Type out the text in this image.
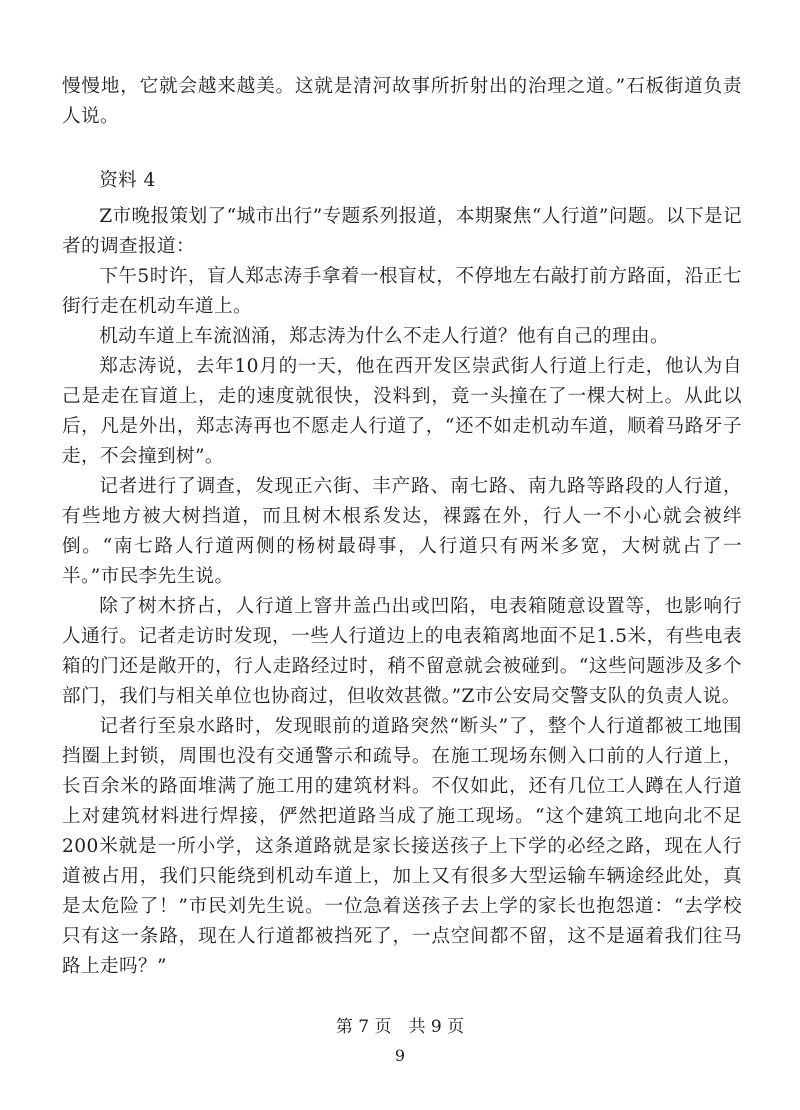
慢慢地，它就会越来越美。这就是清河故事所折射出的治理之道。”石板街道负责人说。

资料 4

Z市晚报策划了“城市出行”专题系列报道，本期聚焦“人行道”问题。以下是记者的调查报道：

下午5时许，盲人郑志涛手拿着一根盲杖，不停地左右敲打前方路面，沿正七街行走在机动车道上。

机动车道上车流汹涌，郑志涛为什么不走人行道？他有自己的理由。

郑志涛说，去年10月的一天，他在西开发区崇武街人行道上行走，他认为自己是走在盲道上，走的速度就很快，没料到，竟一头撞在了一棵大树上。从此以后，凡是外出，郑志涛再也不愿走人行道了，“还不如走机动车道，顺着马路牙子走，不会撞到树”。

记者进行了调查，发现正六街、丰产路、南七路、南九路等路段的人行道，有些地方被大树挡道，而且树木根系发达，裸露在外，行人一不小心就会被绊倒。“南七路人行道两侧的杨树最碍事，人行道只有两米多宽，大树就占了一半。”市民李先生说。

除了树木挤占，人行道上窨井盖凸出或凹陷，电表箱随意设置等，也影响行人通行。记者走访时发现，一些人行道边上的电表箱离地面不足1.5米，有些电表箱的门还是敞开的，行人走路经过时，稍不留意就会被碰到。“这些问题涉及多个部门，我们与相关单位也协商过，但收效甚微。”Z市公安局交警支队的负责人说。

记者行至泉水路时，发现眼前的道路突然“断头”了，整个人行道都被工地围挡圈上封锁，周围也没有交通警示和疏导。在施工现场东侧入口前的人行道上，长百余米的路面堆满了施工用的建筑材料。不仅如此，还有几位工人蹲在人行道上对建筑材料进行焊接，俨然把道路当成了施工现场。“这个建筑工地向北不足200米就是一所小学，这条道路就是家长接送孩子上下学的必经之路，现在人行道被占用，我们只能绕到机动车道上，加上又有很多大型运输车辆途经此处，真是太危险了！”市民刘先生说。一位急着送孩子去上学的家长也抱怨道：“去学校只有这一条路，现在人行道都被挡死了，一点空间都不留，这不是逼着我们往马路上走吗？”

第 7 页　共 9 页
9
